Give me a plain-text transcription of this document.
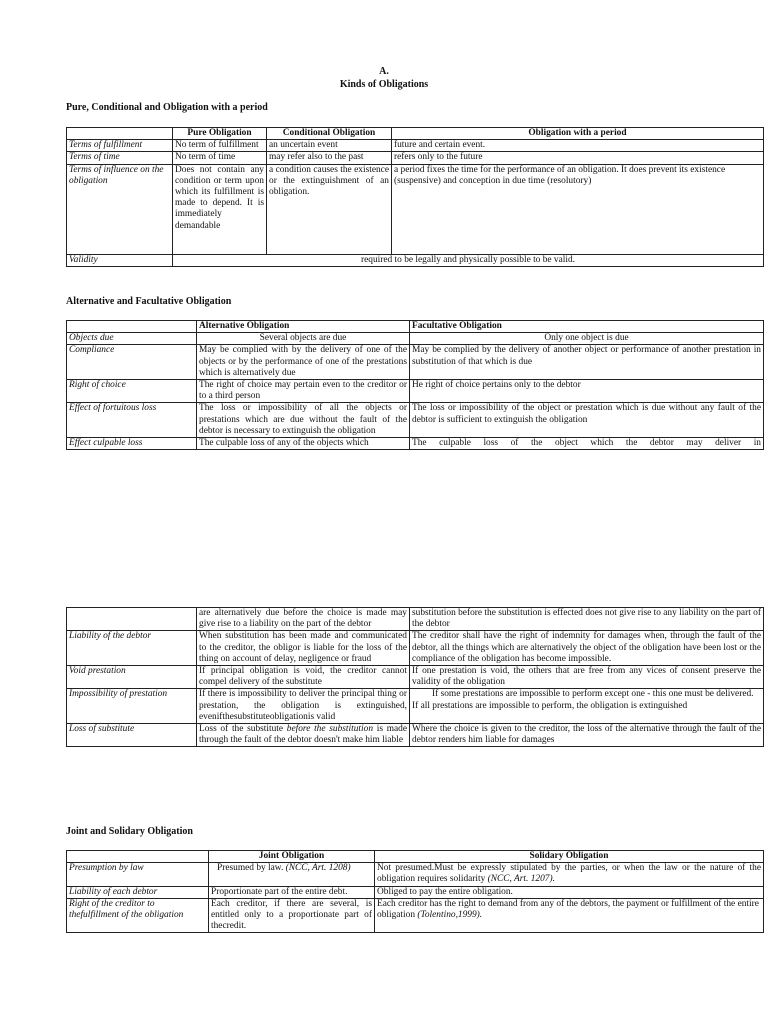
A.
Kinds of Obligations
Pure, Conditional and Obligation with a period
	Pure Obligation	Conditional Obligation	Obligation with a period
Terms of fulfillment	No term of fulfillment	an uncertain event	future and certain event.
Terms of time	No term of time	may refer also to the past	refers only to the future
Terms of influence on the obligation	Does not contain any condition or term upon which its fulfillment is made to depend. It is immediately demandable	a condition causes the existence or the extinguishment of an obligation.	a period fixes the time for the performance of an obligation. It does prevent its existence (suspensive) and conception in due time (resolutory)
Validity	required to be legally and physically possible to be valid.		
Alternative and Facultative Obligation
	Alternative Obligation	Facultative Obligation
Objects due	Several objects are due	Only one object is due
Compliance	May be complied with by the delivery of one of the objects or by the performance of one of the prestations which is alternatively due	May be complied by the delivery of another object or performance of another prestation in substitution of that which is due
Right of choice	The right of choice may pertain even to the creditor or to a third person	He right of choice pertains only to the debtor
Effect of fortuitous loss	The loss or impossibility of all the objects or prestations which are due without the fault of the debtor is necessary to extinguish the obligation	The loss or impossibility of the object or prestation which is due without any fault of the debtor is sufficient to extinguish the obligation
Effect culpable loss	The culpable loss of any of the objects which	The culpable loss of the object which the debtor may deliver in
	are alternatively due before the choice is made may give rise to a liability on the part of the debtor	substitution before the substitution is effected does not give rise to any liability on the part of the debtor
Liability of the debtor	When substitution has been made and communicated to the creditor, the obligor is liable for the loss of the thing on account of delay, negligence or fraud	The creditor shall have the right of indemnity for damages when, through the fault of the debtor, all the things which are alternatively the object of the obligation have been lost or the compliance of the obligation has become impossible.
Void prestation	If principal obligation is void, the creditor cannot compel delivery of the substitute	If one prestation is void, the others that are free from any vices of consent preserve the validity of the obligation
Impossibility of prestation	If there is impossibility to deliver the principal thing or prestation, the obligation is extinguished, evenifthesubstituteobligationis valid	If some prestations are impossible to perform except one - this one must be delivered.
If all prestations are impossible to perform, the obligation is extinguished

Loss of substitute	Loss of the substitute before the substitution is made through the fault of the debtor doesn't make him liable	Where the choice is given to the creditor, the loss of the alternative through the fault of the debtor renders him liable for damages
Joint and Solidary Obligation
	Joint Obligation	Solidary Obligation
Presumption by law	Presumed by law. (NCC, Art. 1208)	Not presumed.Must be expressly stipulated by the parties, or when the law or the nature of the obligation requires solidarity (NCC, Art. 1207).
Liability of each debtor	Proportionate part of the entire debt.	Obliged to pay the entire obligation.
Right of the creditor to thefulfillment of the obligation	Each creditor, if there are several, is entitled only to a proportionate part of thecredit.	Each creditor has the right to demand from any of the debtors, the payment or fulfillment of the entire obligation (Tolentino,1999).
